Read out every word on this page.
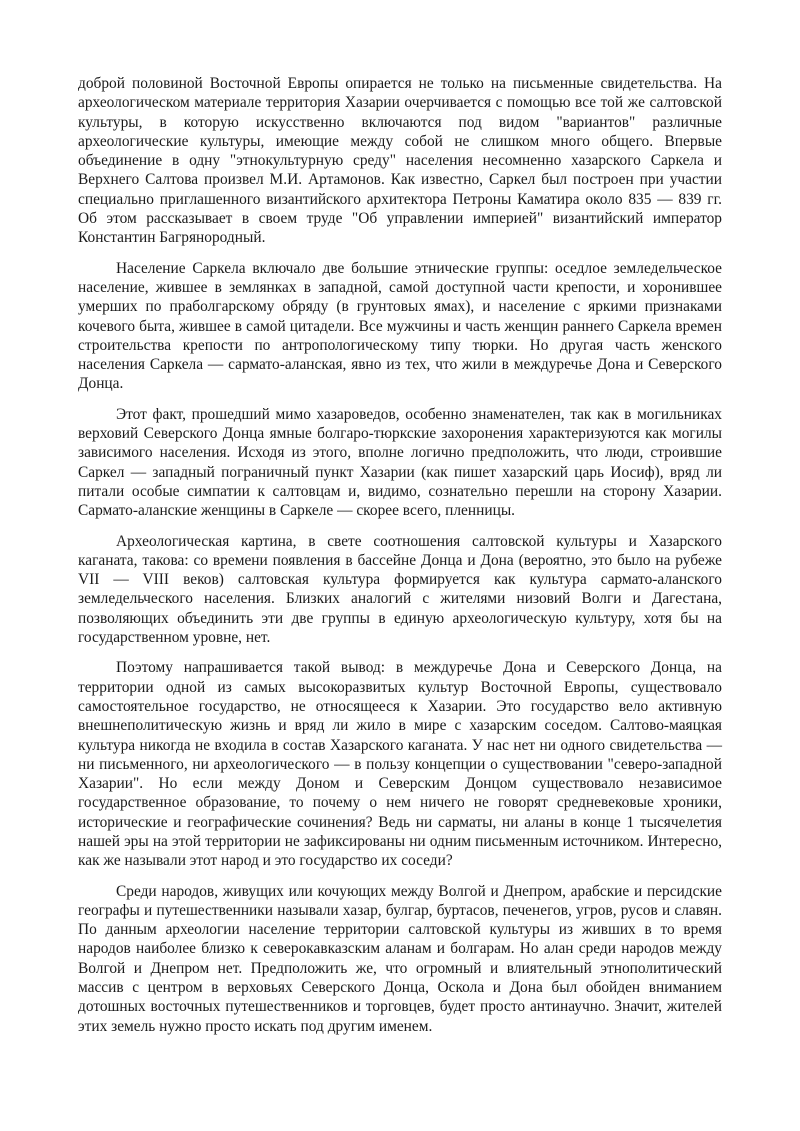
доброй половиной Восточной Европы опирается не только на письменные свидетельства. На археологическом материале территория Хазарии очерчивается с помощью все той же салтовской культуры, в которую искусственно включаются под видом "вариантов" различные археологические культуры, имеющие между собой не слишком много общего. Впервые объединение в одну "этнокультурную среду" населения несомненно хазарского Саркела и Верхнего Салтова произвел М.И. Артамонов. Как известно, Саркел был построен при участии специально приглашенного византийского архитектора Петроны Каматира около 835 — 839 гг. Об этом рассказывает в своем труде "Об управлении империей" византийский император Константин Багрянородный.

Население Саркела включало две большие этнические группы: оседлое земледельческое население, жившее в землянках в западной, самой доступной части крепости, и хоронившее умерших по праболгарскому обряду (в грунтовых ямах), и население с яркими признаками кочевого быта, жившее в самой цитадели. Все мужчины и часть женщин раннего Саркела времен строительства крепости по антропологическому типу тюрки. Но другая часть женского населения Саркела — сармато-аланская, явно из тех, что жили в междуречье Дона и Северского Донца.

Этот факт, прошедший мимо хазароведов, особенно знаменателен, так как в могильниках верховий Северского Донца ямные болгаро-тюркские захоронения характеризуются как могилы зависимого населения. Исходя из этого, вполне логично предположить, что люди, строившие Саркел — западный пограничный пункт Хазарии (как пишет хазарский царь Иосиф), вряд ли питали особые симпатии к салтовцам и, видимо, сознательно перешли на сторону Хазарии. Сармато-аланские женщины в Саркеле — скорее всего, пленницы.

Археологическая картина, в свете соотношения салтовской культуры и Хазарского каганата, такова: со времени появления в бассейне Донца и Дона (вероятно, это было на рубеже VII — VIII веков) салтовская культура формируется как культура сармато-аланского земледельческого населения. Близких аналогий с жителями низовий Волги и Дагестана, позволяющих объединить эти две группы в единую археологическую культуру, хотя бы на государственном уровне, нет.

Поэтому напрашивается такой вывод: в междуречье Дона и Северского Донца, на территории одной из самых высокоразвитых культур Восточной Европы, существовало самостоятельное государство, не относящееся к Хазарии. Это государство вело активную внешнеполитическую жизнь и вряд ли жило в мире с хазарским соседом. Салтово-маяцкая культура никогда не входила в состав Хазарского каганата. У нас нет ни одного свидетельства — ни письменного, ни археологического — в пользу концепции о существовании "северо-западной Хазарии". Но если между Доном и Северским Донцом существовало независимое государственное образование, то почему о нем ничего не говорят средневековые хроники, исторические и географические сочинения? Ведь ни сарматы, ни аланы в конце 1 тысячелетия нашей эры на этой территории не зафиксированы ни одним письменным источником. Интересно, как же называли этот народ и это государство их соседи?

Среди народов, живущих или кочующих между Волгой и Днепром, арабские и персидские географы и путешественники называли хазар, булгар, буртасов, печенегов, угров, русов и славян. По данным археологии население территории салтовской культуры из живших в то время народов наиболее близко к северокавказским аланам и болгарам. Но алан среди народов между Волгой и Днепром нет. Предположить же, что огромный и влиятельный этнополитический массив с центром в верховьях Северского Донца, Оскола и Дона был обойден вниманием дотошных восточных путешественников и торговцев, будет просто антинаучно. Значит, жителей этих земель нужно просто искать под другим именем.
